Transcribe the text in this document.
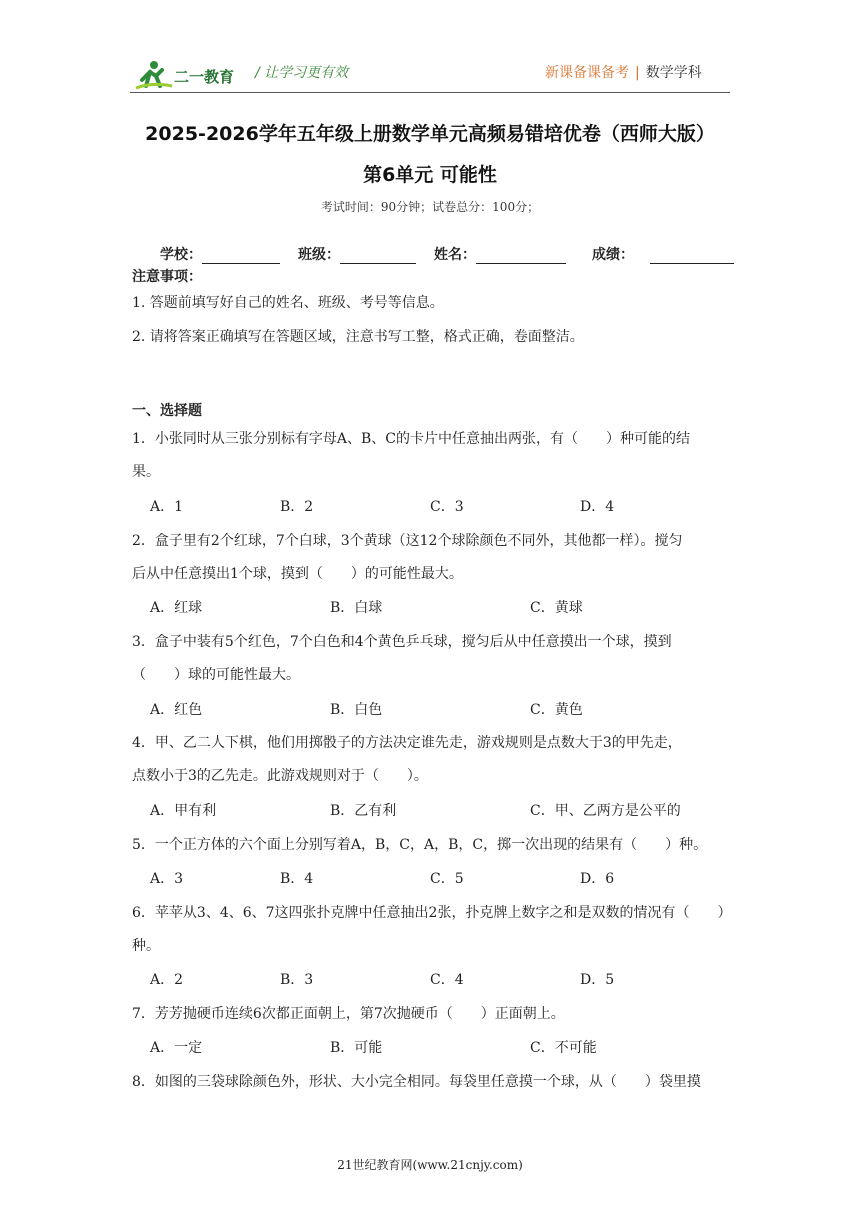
二一教育 / 让学习更有效	新课备课备考 | 数学学科
2025-2026学年五年级上册数学单元高频易错培优卷（西师大版）
第6单元 可能性
考试时间：90分钟；试卷总分：100分；
学校：	班级：	姓名：	成绩：
注意事项：
1. 答题前填写好自己的姓名、班级、考号等信息。
2. 请将答案正确填写在答题区域，注意书写工整，格式正确，卷面整洁。
一、选择题
1．小张同时从三张分别标有字母A、B、C的卡片中任意抽出两张，有（　　）种可能的结
果。
A．1	B．2	C．3	D．4
2．盒子里有2个红球，7个白球，3个黄球（这12个球除颜色不同外，其他都一样）。搅匀
后从中任意摸出1个球，摸到（　　）的可能性最大。
A．红球	B．白球	C．黄球
3．盒子中装有5个红色，7个白色和4个黄色乒乓球，搅匀后从中任意摸出一个球，摸到
（　　）球的可能性最大。
A．红色	B．白色	C．黄色
4．甲、乙二人下棋，他们用掷骰子的方法决定谁先走，游戏规则是点数大于3的甲先走，
点数小于3的乙先走。此游戏规则对于（　　）。
A．甲有利	B．乙有利	C．甲、乙两方是公平的
5．一个正方体的六个面上分别写着A，B，C，A，B，C，掷一次出现的结果有（　　）种。
A．3	B．4	C．5	D．6
6．苹苹从3、4、6、7这四张扑克牌中任意抽出2张，扑克牌上数字之和是双数的情况有（　　）
种。
A．2	B．3	C．4	D．5
7．芳芳抛硬币连续6次都正面朝上，第7次抛硬币（　　）正面朝上。
A．一定	B．可能	C．不可能
8．如图的三袋球除颜色外，形状、大小完全相同。每袋里任意摸一个球，从（　　）袋里摸
21世纪教育网(www.21cnjy.com)
